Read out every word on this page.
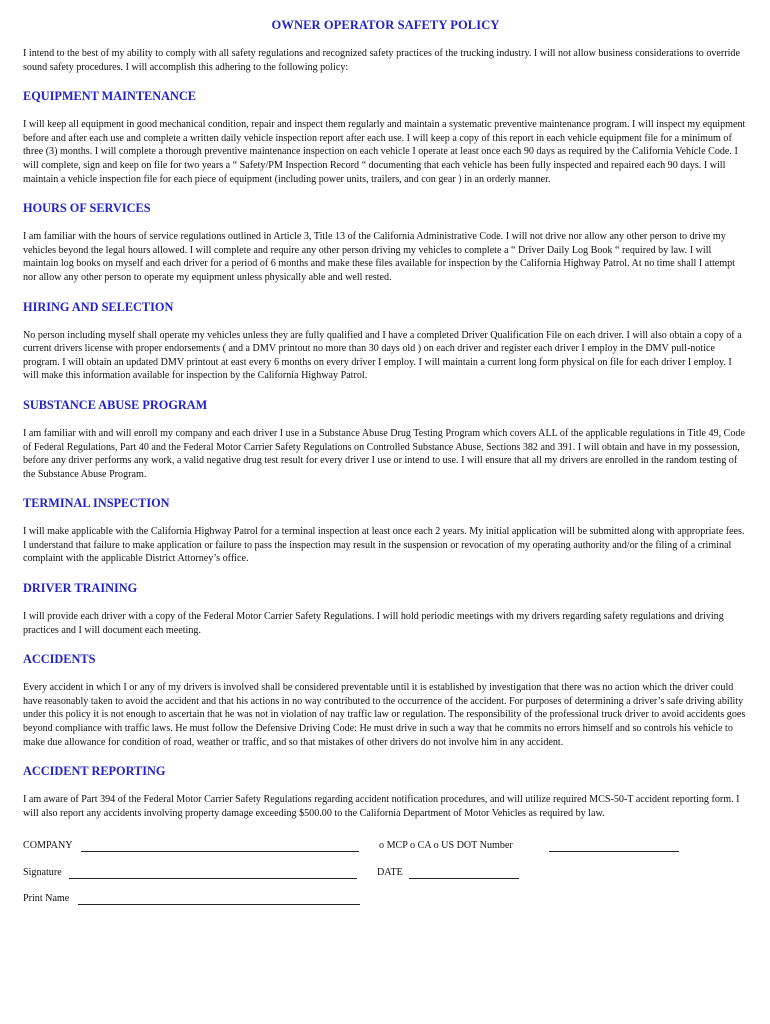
OWNER OPERATOR SAFETY POLICY

I intend to the best of my ability to comply with all safety regulations and recognized safety practices of the trucking industry. I will not allow business considerations to override sound safety procedures. I will accomplish this adhering to the following policy:

EQUIPMENT MAINTENANCE

I will keep all equipment in good mechanical condition, repair and inspect them regularly and maintain a systematic preventive maintenance program. I will inspect my equipment before and after each use and complete a written daily vehicle inspection report after each use. I will keep a copy of this report in each vehicle equipment file for a minimum of three (3) months. I will complete a thorough preventive maintenance inspection on each vehicle I operate at least once each 90 days as required by the California Vehicle Code. I will complete, sign and keep on file for two years a “ Safety/PM Inspection Record “ documenting that each vehicle has been fully inspected and repaired each 90 days. I will maintain a vehicle inspection file for each piece of equipment (including power units, trailers, and con gear ) in an orderly manner.

HOURS OF SERVICES

I am familiar with the hours of service regulations outlined in Article 3, Title 13 of the California Administrative Code. I will not drive nor allow any other person to drive my vehicles beyond the legal hours allowed. I will complete and require any other person driving my vehicles to complete a “ Driver Daily Log Book “ required by law. I will maintain log books on myself and each driver for a period of 6 months and make these files available for inspection by the California Highway Patrol. At no time shall I attempt nor allow any other person to operate my equipment unless physically able and well rested.

HIRING AND SELECTION

No person including myself shall operate my vehicles unless they are fully qualified and I have a completed Driver Qualification File on each driver. I will also obtain a copy of a current drivers license with proper endorsements ( and a DMV printout no more than 30 days old ) on each driver and register each driver I employ in the DMV pull-notice program. I will obtain an updated DMV printout at east every 6 months on every driver I employ. I will maintain a current long form physical on file for each driver I employ. I will make this information available for inspection by the California Highway Patrol.

SUBSTANCE ABUSE PROGRAM

I am familiar with and will enroll my company and each driver I use in a Substance Abuse Drug Testing Program which covers ALL of the applicable regulations in Title 49, Code of Federal Regulations, Part 40 and the Federal Motor Carrier Safety Regulations on Controlled Substance Abuse, Sections 382 and 391. I will obtain and have in my possession, before any driver performs any work, a valid negative drug test result for every driver I use or intend to use. I will ensure that all my drivers are enrolled in the random testing of the Substance Abuse Program.

TERMINAL INSPECTION

I will make applicable with the California Highway Patrol for a terminal inspection at least once each 2 years. My initial application will be submitted along with appropriate fees. I understand that failure to make application or failure to pass the inspection may result in the suspension or revocation of my operating authority and/or the filing of a criminal complaint with the applicable District Attorney’s office.

DRIVER TRAINING

I will provide each driver with a copy of the Federal Motor Carrier Safety Regulations. I will hold periodic meetings with my drivers regarding safety regulations and driving practices and I will document each meeting.

ACCIDENTS

Every accident in which I or any of my drivers is involved shall be considered preventable until it is established by investigation that there was no action which the driver could have reasonably taken to avoid the accident and that his actions in no way contributed to the occurrence of the accident. For purposes of determining a driver’s safe driving ability under this policy it is not enough to ascertain that he was not in violation of nay traffic law or regulation. The responsibility of the professional truck driver to avoid accidents goes beyond compliance with traffic laws. He must follow the Defensive Driving Code: He must drive in such a way that he commits no errors himself and so controls his vehicle to make due allowance for condition of road, weather or traffic, and so that mistakes of other drivers do not involve him in any accident.

ACCIDENT REPORTING

I am aware of Part 394 of the Federal Motor Carrier Safety Regulations regarding accident notification procedures, and will utilize required MCS-50-T accident reporting form. I will also report any accidents involving property damage exceeding $500.00 to the California Department of Motor Vehicles as required by law.

COMPANY	o MCP o CA o US DOT Number
Signature	DATE
Print Name
